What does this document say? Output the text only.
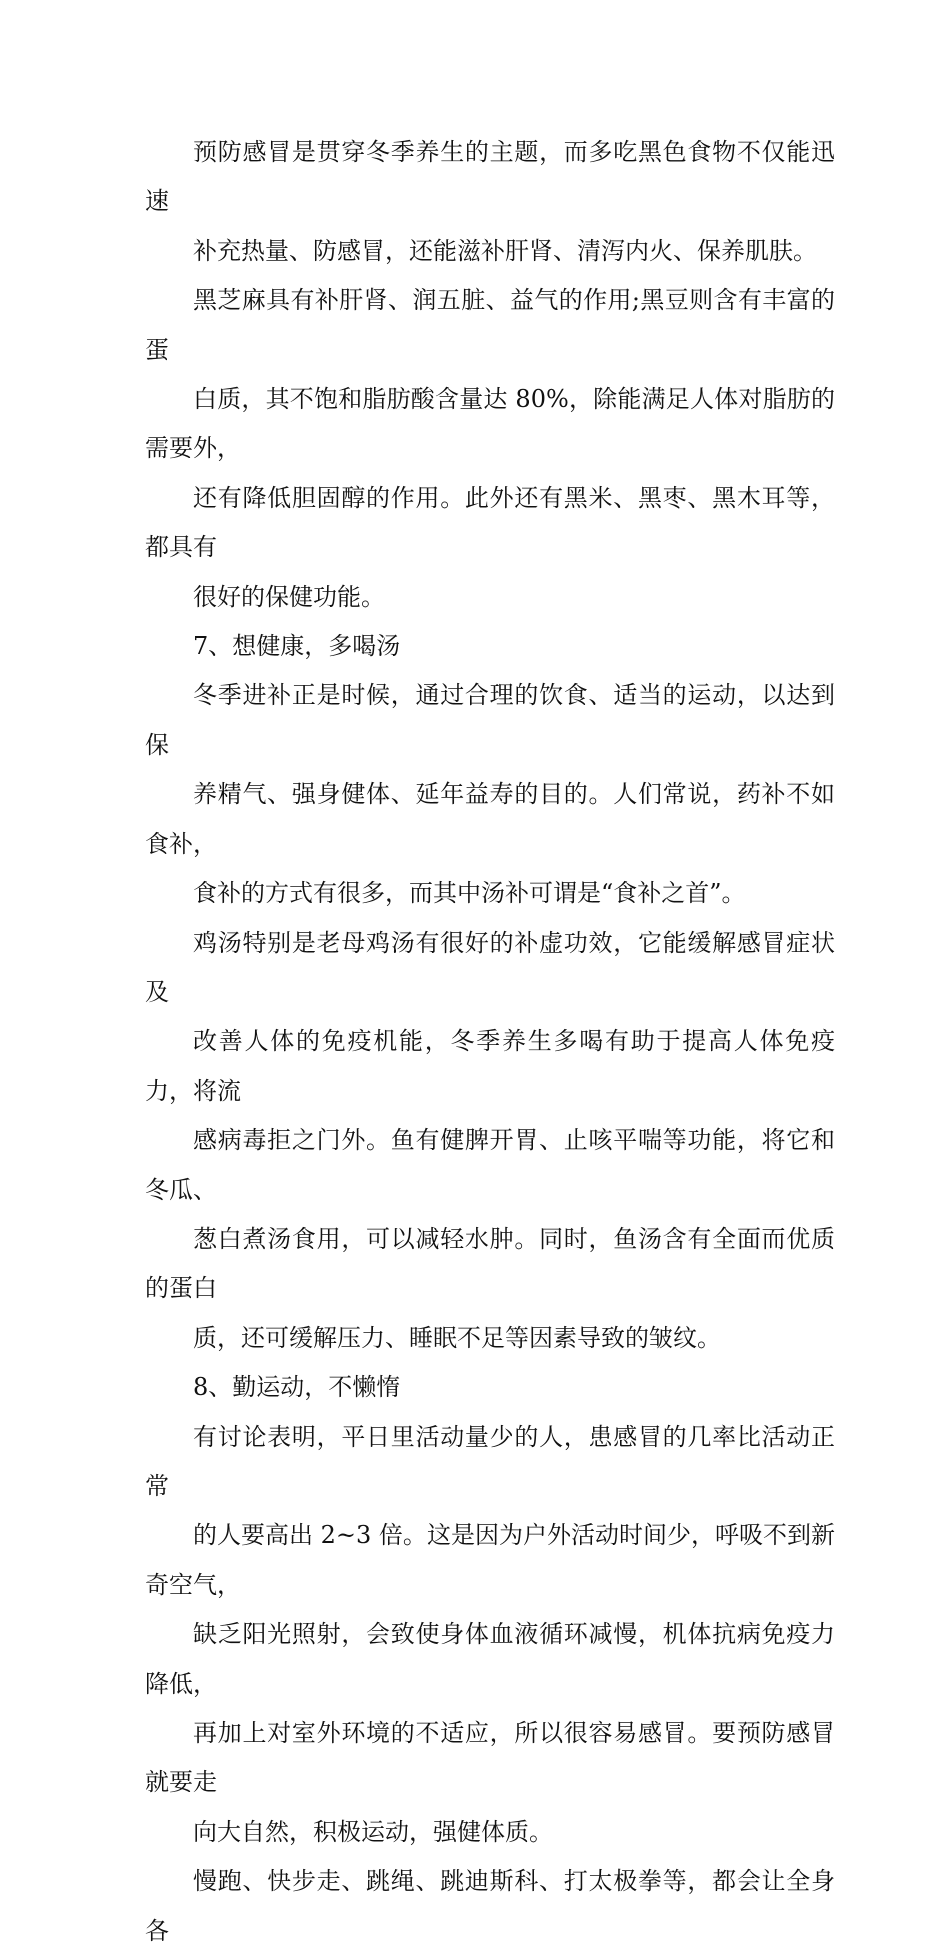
预防感冒是贯穿冬季养生的主题，而多吃黑色食物不仅能迅速
补充热量、防感冒，还能滋补肝肾、清泻内火、保养肌肤。

黑芝麻具有补肝肾、润五脏、益气的作用;黑豆则含有丰富的蛋
白质，其不饱和脂肪酸含量达 80%，除能满足人体对脂肪的需要外，
还有降低胆固醇的作用。此外还有黑米、黑枣、黑木耳等，都具有
很好的保健功能。

7、想健康，多喝汤

冬季进补正是时候，通过合理的饮食、适当的运动，以达到保
养精气、强身健体、延年益寿的目的。人们常说，药补不如食补，
食补的方式有很多，而其中汤补可谓是“食补之首”。

鸡汤特别是老母鸡汤有很好的补虚功效，它能缓解感冒症状及
改善人体的免疫机能，冬季养生多喝有助于提高人体免疫力，将流
感病毒拒之门外。鱼有健脾开胃、止咳平喘等功能，将它和冬瓜、
葱白煮汤食用，可以减轻水肿。同时，鱼汤含有全面而优质的蛋白
质，还可缓解压力、睡眠不足等因素导致的皱纹。

8、勤运动，不懒惰

有讨论表明，平日里活动量少的人，患感冒的几率比活动正常
的人要高出 2~3 倍。这是因为户外活动时间少，呼吸不到新奇空气，
缺乏阳光照射，会致使身体血液循环减慢，机体抗病免疫力降低，
再加上对室外环境的不适应，所以很容易感冒。要预防感冒就要走
向大自然，积极运动，强健体质。

慢跑、快步走、跳绳、跳迪斯科、打太极拳等，都会让全身各
